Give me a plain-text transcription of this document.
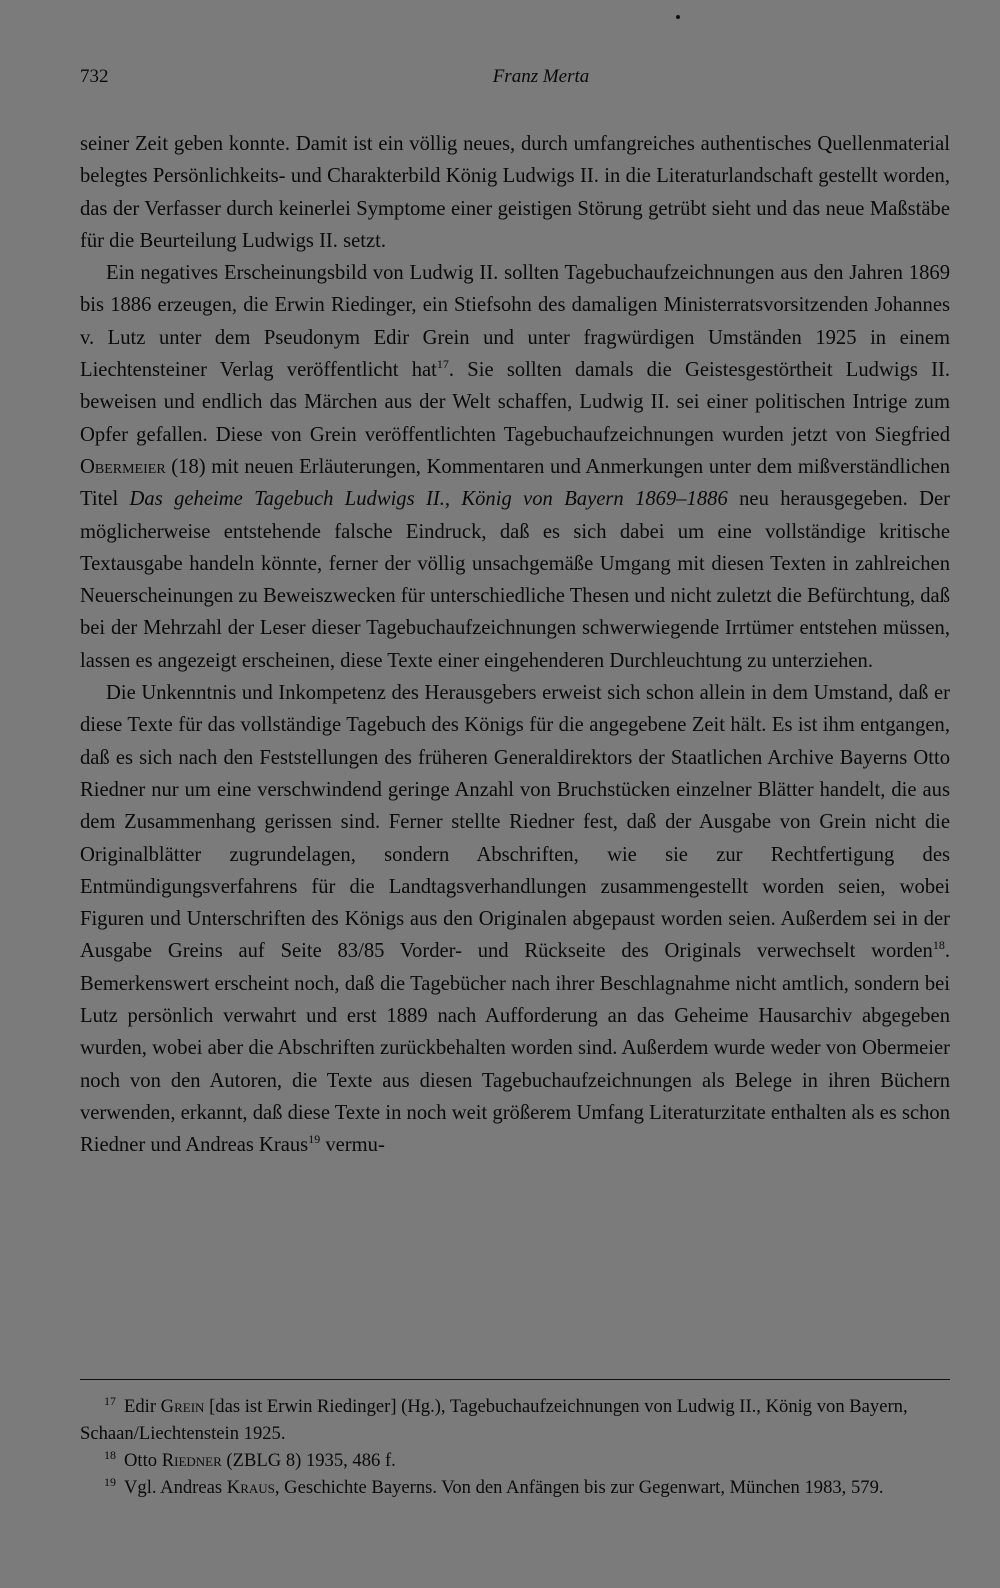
732	Franz Merta

seiner Zeit geben konnte. Damit ist ein völlig neues, durch umfangreiches authentisches Quellenmaterial belegtes Persönlichkeits- und Charakterbild König Ludwigs II. in die Literaturlandschaft gestellt worden, das der Verfasser durch keinerlei Symptome einer geistigen Störung getrübt sieht und das neue Maßstäbe für die Beurteilung Ludwigs II. setzt.

Ein negatives Erscheinungsbild von Ludwig II. sollten Tagebuchaufzeichnungen aus den Jahren 1869 bis 1886 erzeugen, die Erwin Riedinger, ein Stiefsohn des damaligen Ministerratsvorsitzenden Johannes v. Lutz unter dem Pseudonym Edir Grein und unter fragwürdigen Umständen 1925 in einem Liechtensteiner Verlag veröffentlicht hat$^{17}$. Sie sollten damals die Geistesgestörtheit Ludwigs II. beweisen und endlich das Märchen aus der Welt schaffen, Ludwig II. sei einer politischen Intrige zum Opfer gefallen. Diese von Grein veröffentlichten Tagebuchaufzeichnungen wurden jetzt von Siegfried Obermeier (18) mit neuen Erläuterungen, Kommentaren und Anmerkungen unter dem mißverständlichen Titel Das geheime Tagebuch Ludwigs II., König von Bayern 1869–1886 neu herausgegeben. Der möglicherweise entstehende falsche Eindruck, daß es sich dabei um eine vollständige kritische Textausgabe handeln könnte, ferner der völlig unsachgemäße Umgang mit diesen Texten in zahlreichen Neuerscheinungen zu Beweiszwecken für unterschiedliche Thesen und nicht zuletzt die Befürchtung, daß bei der Mehrzahl der Leser dieser Tagebuchaufzeichnungen schwerwiegende Irrtümer entstehen müssen, lassen es angezeigt erscheinen, diese Texte einer eingehenderen Durchleuchtung zu unterziehen.

Die Unkenntnis und Inkompetenz des Herausgebers erweist sich schon allein in dem Umstand, daß er diese Texte für das vollständige Tagebuch des Königs für die angegebene Zeit hält. Es ist ihm entgangen, daß es sich nach den Feststellungen des früheren Generaldirektors der Staatlichen Archive Bayerns Otto Riedner nur um eine verschwindend geringe Anzahl von Bruchstücken einzelner Blätter handelt, die aus dem Zusammenhang gerissen sind. Ferner stellte Riedner fest, daß der Ausgabe von Grein nicht die Originalblätter zugrundelagen, sondern Abschriften, wie sie zur Rechtfertigung des Entmündigungsverfahrens für die Landtagsverhandlungen zusammengestellt worden seien, wobei Figuren und Unterschriften des Königs aus den Originalen abgepaust worden seien. Außerdem sei in der Ausgabe Greins auf Seite 83/85 Vorder- und Rückseite des Originals verwechselt worden$^{18}$. Bemerkenswert erscheint noch, daß die Tagebücher nach ihrer Beschlagnahme nicht amtlich, sondern bei Lutz persönlich verwahrt und erst 1889 nach Aufforderung an das Geheime Hausarchiv abgegeben wurden, wobei aber die Abschriften zurückbehalten worden sind. Außerdem wurde weder von Obermeier noch von den Autoren, die Texte aus diesen Tagebuchaufzeichnungen als Belege in ihren Büchern verwenden, erkannt, daß diese Texte in noch weit größerem Umfang Literaturzitate enthalten als es schon Riedner und Andreas Kraus$^{19}$ vermu-

$^{17}$ Edir Grein [das ist Erwin Riedinger] (Hg.), Tagebuchaufzeichnungen von Ludwig II., König von Bayern, Schaan/Liechtenstein 1925.

$^{18}$ Otto Riedner (ZBLG 8) 1935, 486 f.

$^{19}$ Vgl. Andreas Kraus, Geschichte Bayerns. Von den Anfängen bis zur Gegenwart, München 1983, 579.
